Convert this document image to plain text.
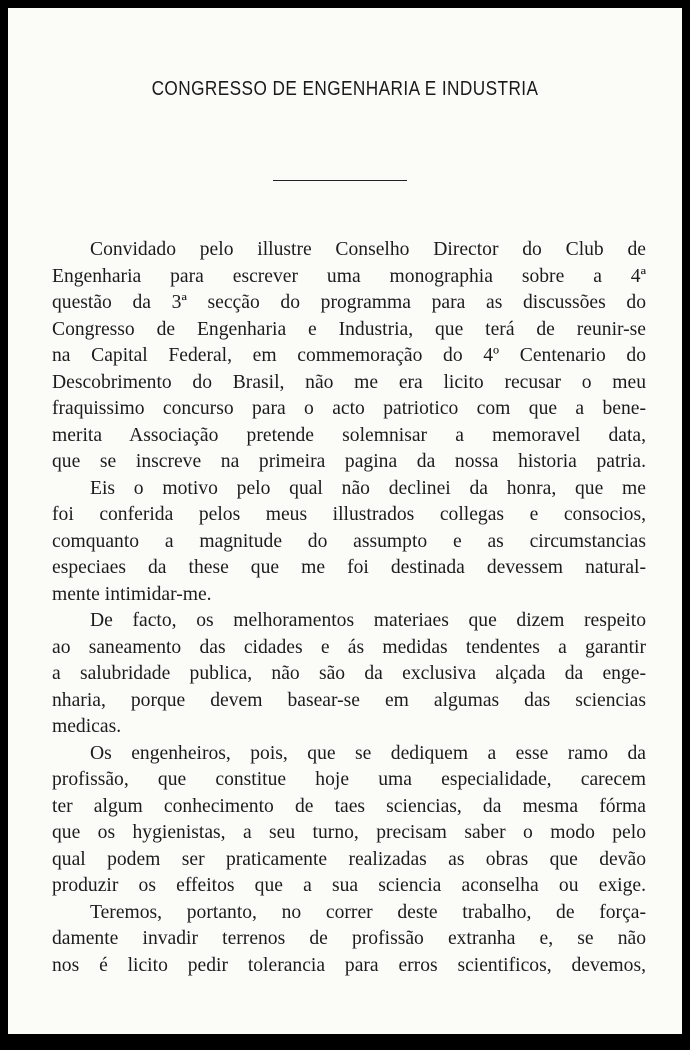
CONGRESSO DE ENGENHARIA E INDUSTRIA
Convidado pelo illustre Conselho Director do Club de
Engenharia para escrever uma monographia sobre a 4ª
questão da 3ª secção do programma para as discussões do
Congresso de Engenharia e Industria, que terá de reunir-se
na Capital Federal, em commemoração do 4º Centenario do
Descobrimento do Brasil, não me era licito recusar o meu
fraquissimo concurso para o acto patriotico com que a bene-
merita Associação pretende solemnisar a memoravel data,
que se inscreve na primeira pagina da nossa historia patria.
Eis o motivo pelo qual não declinei da honra, que me
foi conferida pelos meus illustrados collegas e consocios,
comquanto a magnitude do assumpto e as circumstancias
especiaes da these que me foi destinada devessem natural-
mente intimidar-me.
De facto, os melhoramentos materiaes que dizem respeito
ao saneamento das cidades e ás medidas tendentes a garantir
a salubridade publica, não são da exclusiva alçada da enge-
nharia, porque devem basear-se em algumas das sciencias
medicas.
Os engenheiros, pois, que se dediquem a esse ramo da
profissão, que constitue hoje uma especialidade, carecem
ter algum conhecimento de taes sciencias, da mesma fórma
que os hygienistas, a seu turno, precisam saber o modo pelo
qual podem ser praticamente realizadas as obras que devão
produzir os effeitos que a sua sciencia aconselha ou exige.
Teremos, portanto, no correr deste trabalho, de força-
damente invadir terrenos de profissão extranha e, se não
nos é licito pedir tolerancia para erros scientificos, devemos,
